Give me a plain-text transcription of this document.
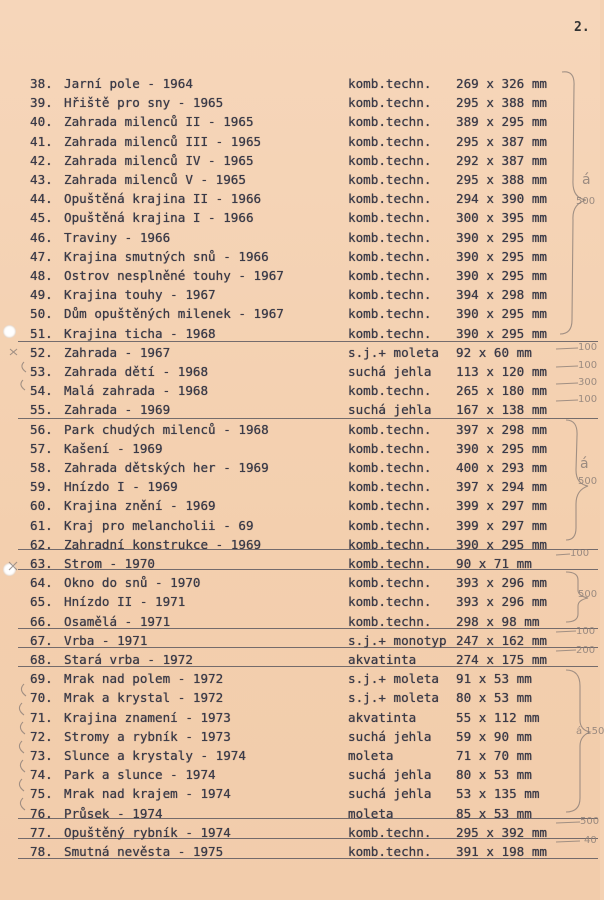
2.
38. Jarní pole - 1964	komb.techn. 269 x 326 mm
39. Hřiště pro sny - 1965	komb.techn. 295 x 388 mm
40. Zahrada milenců II - 1965	komb.techn. 389 x 295 mm
41. Zahrada milenců III - 1965	komb.techn. 295 x 387 mm
42. Zahrada milenců IV - 1965	komb.techn. 292 x 387 mm
43. Zahrada milenců V - 1965	komb.techn. 295 x 388 mm
44. Opuštěná krajina II - 1966	komb.techn. 294 x 390 mm
45. Opuštěná krajina I - 1966	komb.techn. 300 x 395 mm
46. Traviny - 1966	komb.techn. 390 x 295 mm
47. Krajina smutných snů - 1966	komb.techn. 390 x 295 mm
48. Ostrov nesplněné touhy - 1967	komb.techn. 390 x 295 mm
49. Krajina touhy - 1967	komb.techn. 394 x 298 mm
50. Dům opuštěných milenek - 1967	komb.techn. 390 x 295 mm
51. Krajina ticha - 1968	komb.techn. 390 x 295 mm
52. Zahrada - 1967	s.j.+ moleta 92 x 60 mm
53. Zahrada dětí - 1968	suchá jehla 113 x 120 mm
54. Malá zahrada - 1968	komb.techn. 265 x 180 mm
55. Zahrada - 1969	suchá jehla 167 x 138 mm
56. Park chudých milenců - 1968	komb.techn. 397 x 298 mm
57. Kašení - 1969	komb.techn. 390 x 295 mm
58. Zahrada dětských her - 1969	komb.techn. 400 x 293 mm
59. Hnízdo I - 1969	komb.techn. 397 x 294 mm
60. Krajina znění - 1969	komb.techn. 399 x 297 mm
61. Kraj pro melancholii - 69	komb.techn. 399 x 297 mm
62. Zahradní konstrukce - 1969	komb.techn. 390 x 295 mm
63. Strom - 1970	komb.techn. 90 x 71 mm
64. Okno do snů - 1970	komb.techn. 393 x 296 mm
65. Hnízdo II - 1971	komb.techn. 393 x 296 mm
66. Osamělá - 1971	komb.techn. 298 x 98 mm
67. Vrba - 1971	s.j.+ monotyp 247 x 162 mm
68. Stará vrba - 1972	akvatinta	274 x 175 mm
69. Mrak nad polem - 1972	s.j.+ moleta 91 x 53 mm
70. Mrak a krystal - 1972	s.j.+ moleta 80 x 53 mm
71. Krajina znamení - 1973	akvatinta	55 x 112 mm
72. Stromy a rybník - 1973	suchá jehla 59 x 90 mm
73. Slunce a krystaly - 1974	moleta	71 x 70 mm
74. Park a slunce - 1974	suchá jehla 80 x 53 mm
75. Mrak nad krajem - 1974	suchá jehla 53 x 135 mm
76. Průsek - 1974	moleta	85 x 53 mm
77. Opuštěný rybník - 1974	komb.techn. 295 x 392 mm
78. Smutná nevěsta - 1975	komb.techn. 391 x 198 mm
á
500
100
100
300
100
á
500
100
500
100
200
á 150
500
40
